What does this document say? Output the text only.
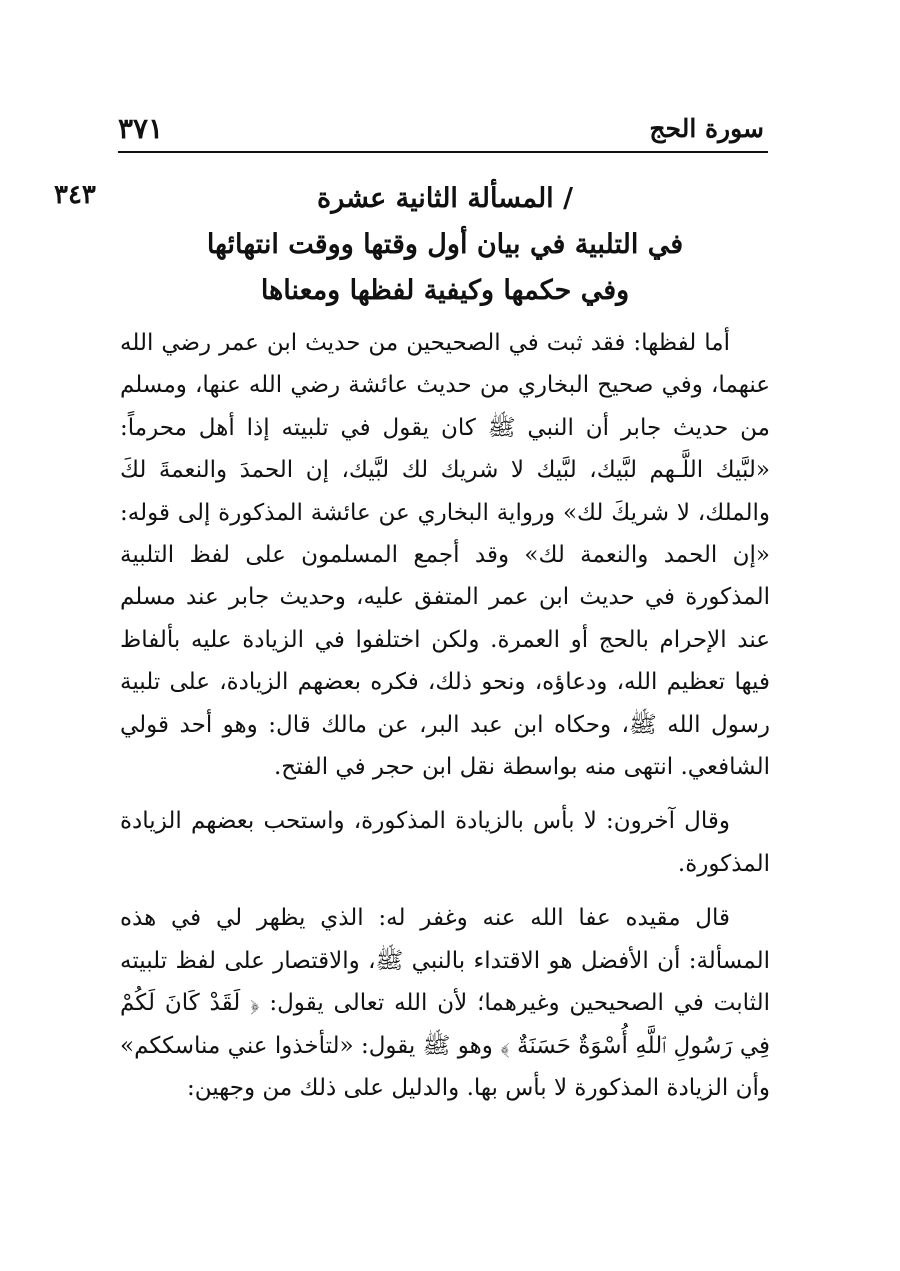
٣٧١	سورة الحج
٣٤٣	/ المسألة الثانية عشرة
في التلبية في بيان أول وقتها ووقت انتهائها
وفي حكمها وكيفية لفظها ومعناها

أما لفظها: فقد ثبت في الصحيحين من حديث ابن عمر رضي الله عنهما، وفي صحيح البخاري من حديث عائشة رضي الله عنها، ومسلم من حديث جابر أن النبي ﷺ كان يقول في تلبيته إذا أهل محرماً: «لبَّيك اللَّـهم لبَّيك، لبَّيك لا شريك لك لبَّيك، إن الحمدَ والنعمةَ لكَ والملك، لا شريكَ لك» ورواية البخاري عن عائشة المذكورة إلى قوله: «إن الحمد والنعمة لك» وقد أجمع المسلمون على لفظ التلبية المذكورة في حديث ابن عمر المتفق عليه، وحديث جابر عند مسلم عند الإحرام بالحج أو العمرة. ولكن اختلفوا في الزيادة عليه بألفاظ فيها تعظيم الله، ودعاؤه، ونحو ذلك، فكره بعضهم الزيادة، على تلبية رسول الله ﷺ، وحكاه ابن عبد البر، عن مالك قال: وهو أحد قولي الشافعي. انتهى منه بواسطة نقل ابن حجر في الفتح.

وقال آخرون: لا بأس بالزيادة المذكورة، واستحب بعضهم الزيادة المذكورة.

قال مقيده عفا الله عنه وغفر له: الذي يظهر لي في هذه المسألة: أن الأفضل هو الاقتداء بالنبي ﷺ، والاقتصار على لفظ تلبيته الثابت في الصحيحين وغيرهما؛ لأن الله تعالى يقول: ﴿ لَقَدْ كَانَ لَكُمْ فِي رَسُولِ ٱللَّهِ أُسْوَةٌ حَسَنَةٌ ﴾ وهو ﷺ يقول: «لتأخذوا عني مناسككم» وأن الزيادة المذكورة لا بأس بها. والدليل على ذلك من وجهين:
